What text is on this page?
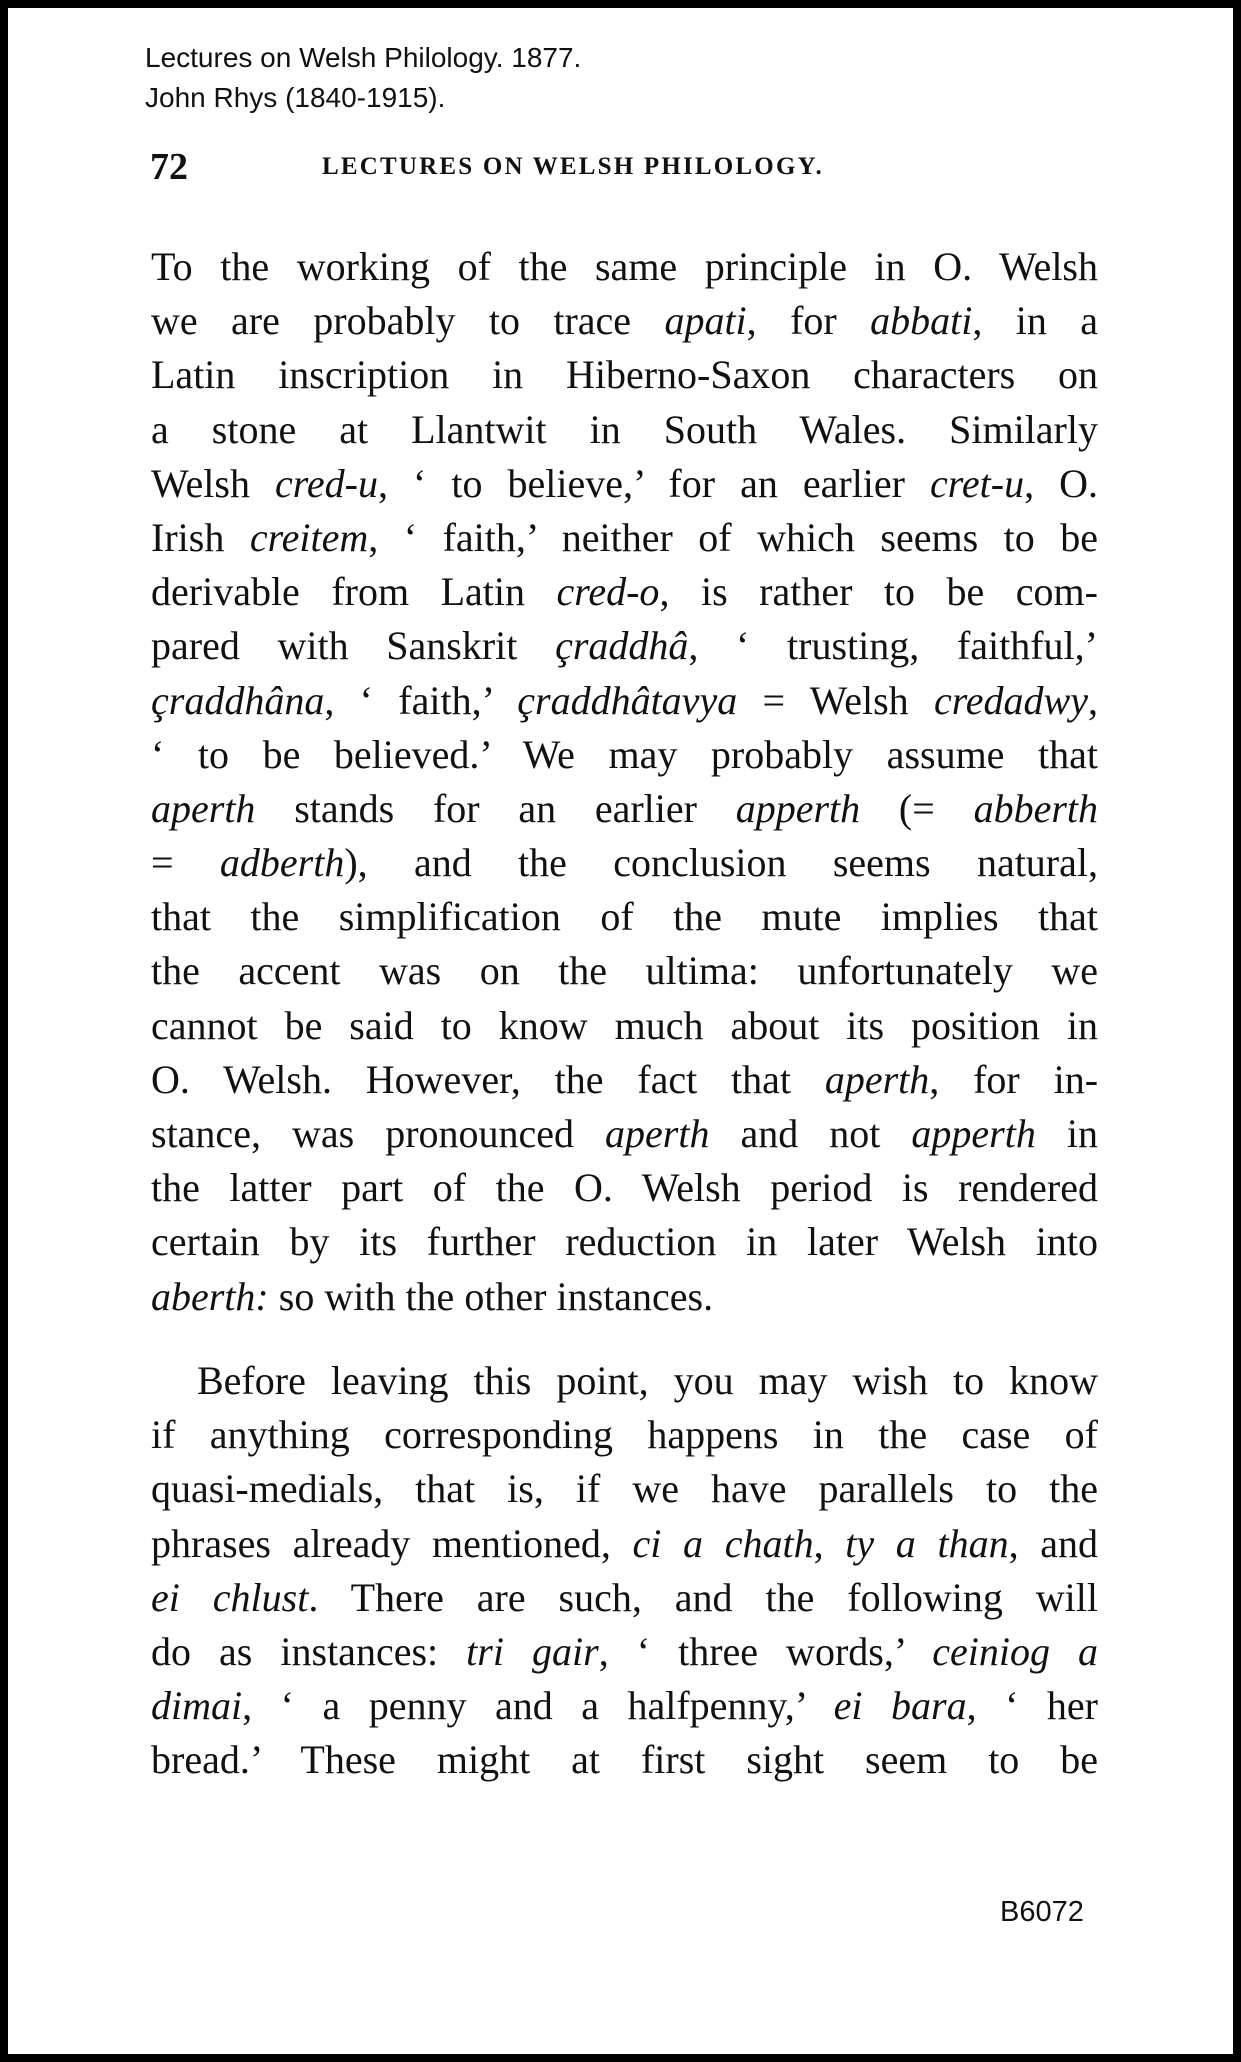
Lectures on Welsh Philology. 1877.
John Rhys (1840-1915).
72	LECTURES ON WELSH PHILOLOGY.
To the working of the same principle in O. Welsh
we are probably to trace apati, for abbati, in a
Latin inscription in Hiberno-Saxon characters on
a stone at Llantwit in South Wales. Similarly
Welsh cred-u, ‘ to believe,’ for an earlier cret-u, O.
Irish creitem, ‘ faith,’ neither of which seems to be
derivable from Latin cred-o, is rather to be com-
pared with Sanskrit çraddhâ, ‘ trusting, faithful,’
çraddhâna, ‘ faith,’ çraddhâtavya = Welsh credadwy,
‘ to be believed.’ We may probably assume that
aperth stands for an earlier apperth (= abberth
= adberth), and the conclusion seems natural,
that the simplification of the mute implies that
the accent was on the ultima: unfortunately we
cannot be said to know much about its position in
O. Welsh. However, the fact that aperth, for in-
stance, was pronounced aperth and not apperth in
the latter part of the O. Welsh period is rendered
certain by its further reduction in later Welsh into
aberth: so with the other instances.
Before leaving this point, you may wish to know
if anything corresponding happens in the case of
quasi-medials, that is, if we have parallels to the
phrases already mentioned, ci a chath, ty a than, and
ei chlust. There are such, and the following will
do as instances: tri gair, ‘ three words,’ ceiniog a
dimai, ‘ a penny and a halfpenny,’ ei bara, ‘ her
bread.’ These might at first sight seem to be
B6072
